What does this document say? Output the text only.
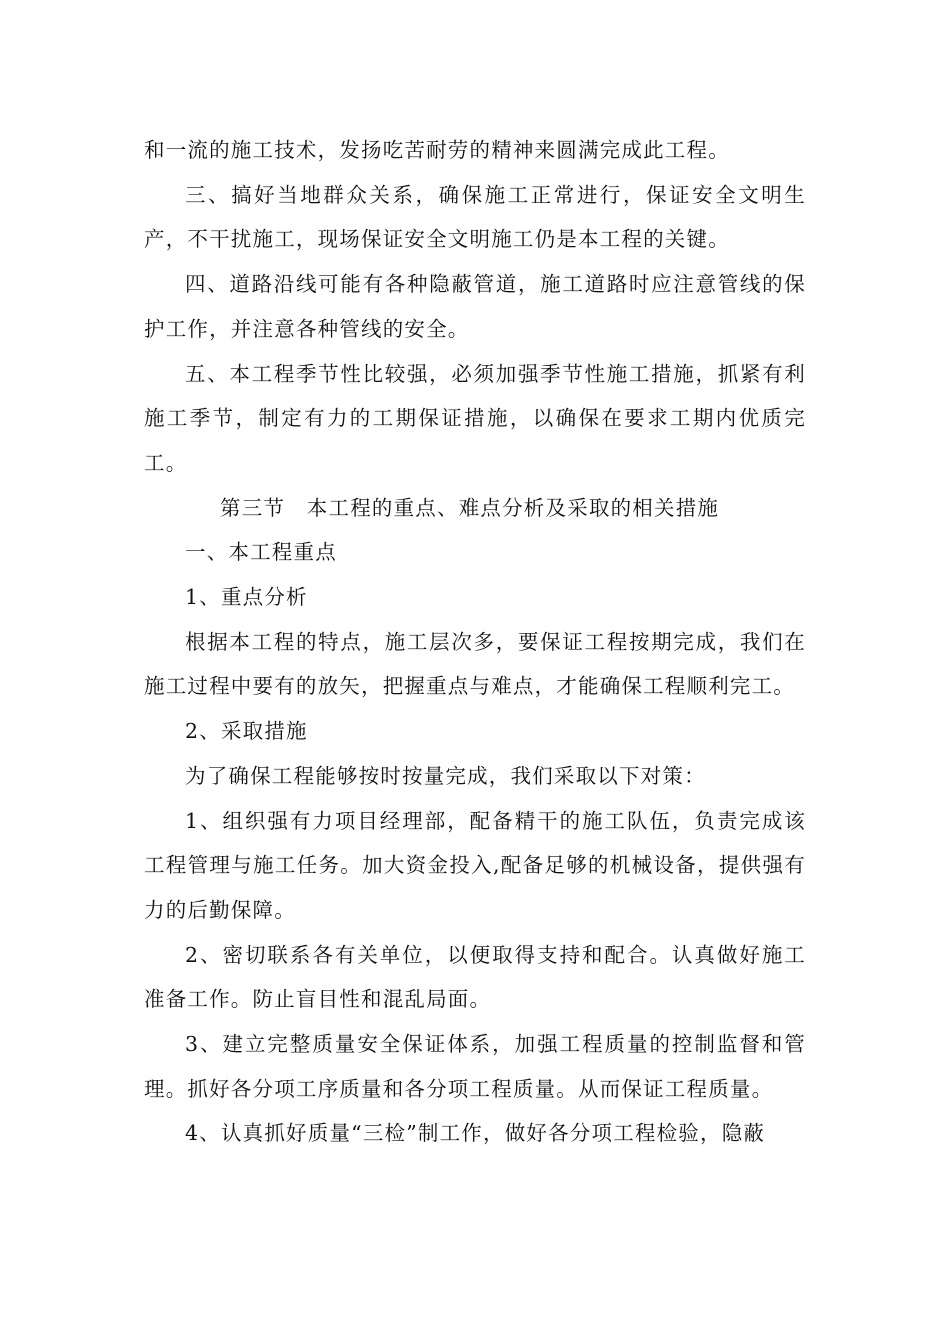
和一流的施工技术，发扬吃苦耐劳的精神来圆满完成此工程。

三、搞好当地群众关系，确保施工正常进行，保证安全文明生产，不干扰施工，现场保证安全文明施工仍是本工程的关键。

四、道路沿线可能有各种隐蔽管道，施工道路时应注意管线的保护工作，并注意各种管线的安全。

五、本工程季节性比较强，必须加强季节性施工措施，抓紧有利施工季节，制定有力的工期保证措施，以确保在要求工期内优质完工。

第三节　本工程的重点、难点分析及采取的相关措施

一、本工程重点

1、重点分析

根据本工程的特点，施工层次多，要保证工程按期完成，我们在施工过程中要有的放矢，把握重点与难点，才能确保工程顺利完工。

2、采取措施

为了确保工程能够按时按量完成，我们采取以下对策：

1、组织强有力项目经理部，配备精干的施工队伍，负责完成该工程管理与施工任务。加大资金投入,配备足够的机械设备，提供强有力的后勤保障。

2、密切联系各有关单位，以便取得支持和配合。认真做好施工准备工作。防止盲目性和混乱局面。

3、建立完整质量安全保证体系，加强工程质量的控制监督和管理。抓好各分项工序质量和各分项工程质量。从而保证工程质量。

4、认真抓好质量“三检”制工作，做好各分项工程检验，隐蔽
